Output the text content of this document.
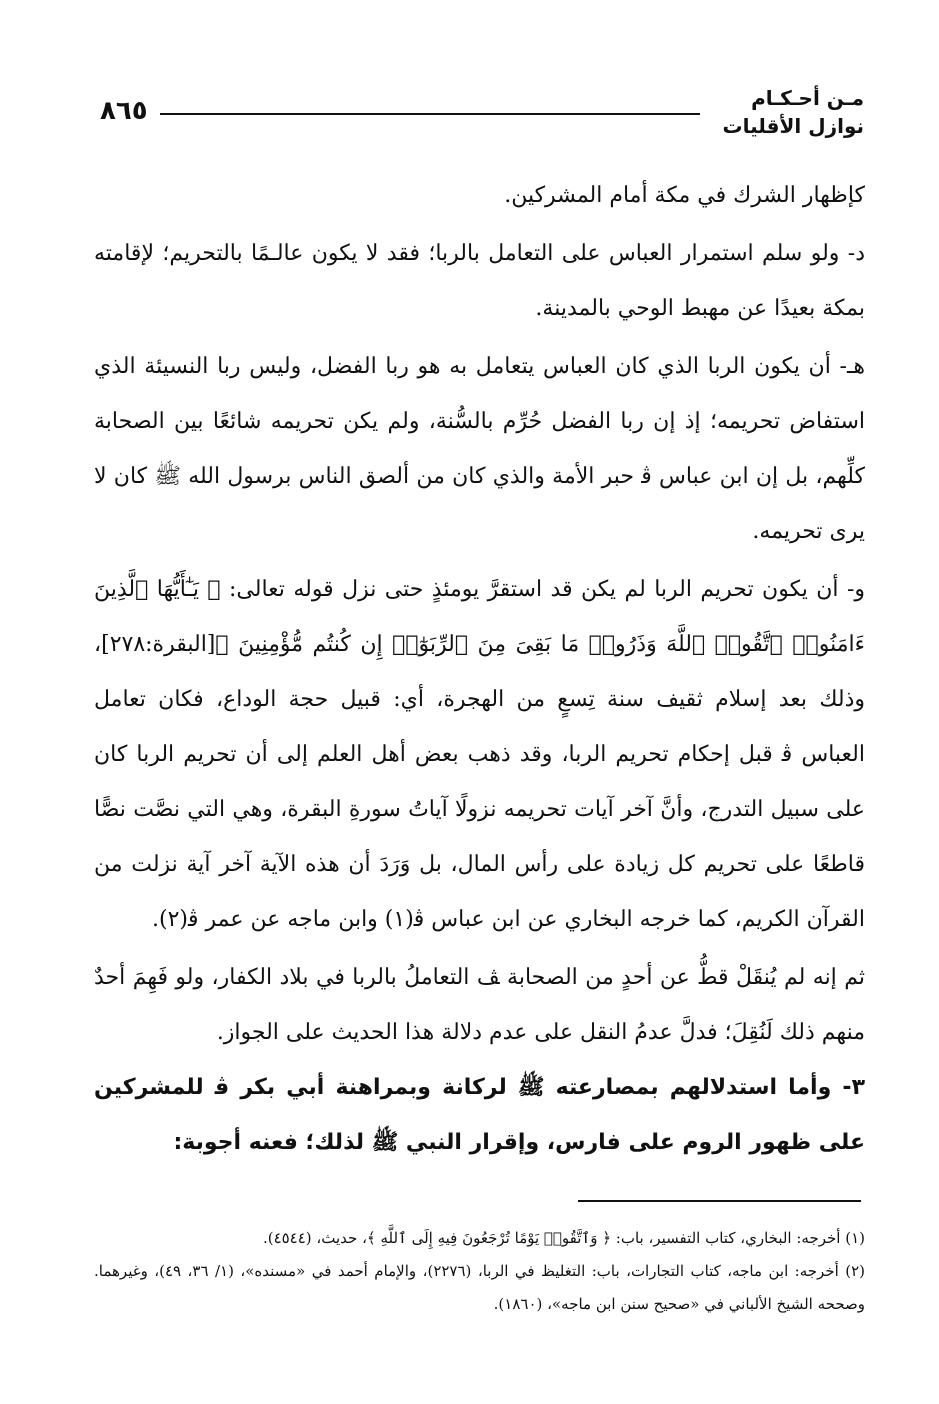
٨٦٥	مـن أحـكـام
نوازل الأقليات

كإظهار الشرك في مكة أمام المشركين.

د- ولو سلم استمرار العباس على التعامل بالربا؛ فقد لا يكون عالـمًا بالتحريم؛ لإقامته بمكة بعيدًا عن مهبط الوحي بالمدينة.

هـ- أن يكون الربا الذي كان العباس يتعامل به هو ربا الفضل، وليس ربا النسيئة الذي استفاض تحريمه؛ إذ إن ربا الفضل حُرِّم بالسُّنة، ولم يكن تحريمه شائعًا بين الصحابة كلِّهم، بل إن ابن عباس ﭬ حبر الأمة والذي كان من ألصق الناس برسول الله ﷺ كان لا يرى تحريمه.

و- أن يكون تحريم الربا لم يكن قد استقرَّ يومئذٍ حتى نزل قوله تعالى: ﴿ يَـٰٓأَيُّهَا ٱلَّذِينَ ءَامَنُوا۟ ٱتَّقُوا۟ ٱللَّهَ وَذَرُوا۟ مَا بَقِىَ مِنَ ٱلرِّبَوٰٓا۟ إِن كُنتُم مُّؤْمِنِينَ ﴾[البقرة:٢٧٨]، وذلك بعد إسلام ثقيف سنة تِسعٍ من الهجرة، أي: قبيل حجة الوداع، فكان تعامل العباس ﭬ قبل إحكام تحريم الربا، وقد ذهب بعض أهل العلم إلى أن تحريم الربا كان على سبيل التدرج، وأنَّ آخر آيات تحريمه نزولًا آياتُ سورةِ البقرة، وهي التي نصَّت نصًّا قاطعًا على تحريم كل زيادة على رأس المال، بل وَرَدَ أن هذه الآية آخر آية نزلت من القرآن الكريم، كما خرجه البخاري عن ابن عباس ﭬ(١) وابن ماجه عن عمر ﭬ(٢).

ثم إنه لم يُنقَلْ قطُّ عن أحدٍ من الصحابة ﭫ التعاملُ بالربا في بلاد الكفار، ولو فَهِمَ أحدٌ منهم ذلك لَنُقِلَ؛ فدلَّ عدمُ النقل على عدم دلالة هذا الحديث على الجواز.

٣- وأما استدلالهم بمصارعته ﷺ لركانة وبمراهنة أبي بكر ﭬ للمشركين على ظهور الروم على فارس، وإقرار النبي ﷺ لذلك؛ فعنه أجوبة:

(١) أخرجه: البخاري، كتاب التفسير، باب: ﴿ وَٱتَّقُوا۟ يَوْمًا تُرْجَعُونَ فِيهِ إِلَى ٱللَّهِ ﴾، حديث، (٤٥٤٤).

(٢) أخرجه: ابن ماجه، كتاب التجارات، باب: التغليظ في الربا، (٢٢٧٦)، والإمام أحمد في «مسنده»، (١/ ٣٦، ٤٩)، وغيرهما. وصححه الشيخ الألباني في «صحيح سنن ابن ماجه»، (١٨٦٠).
